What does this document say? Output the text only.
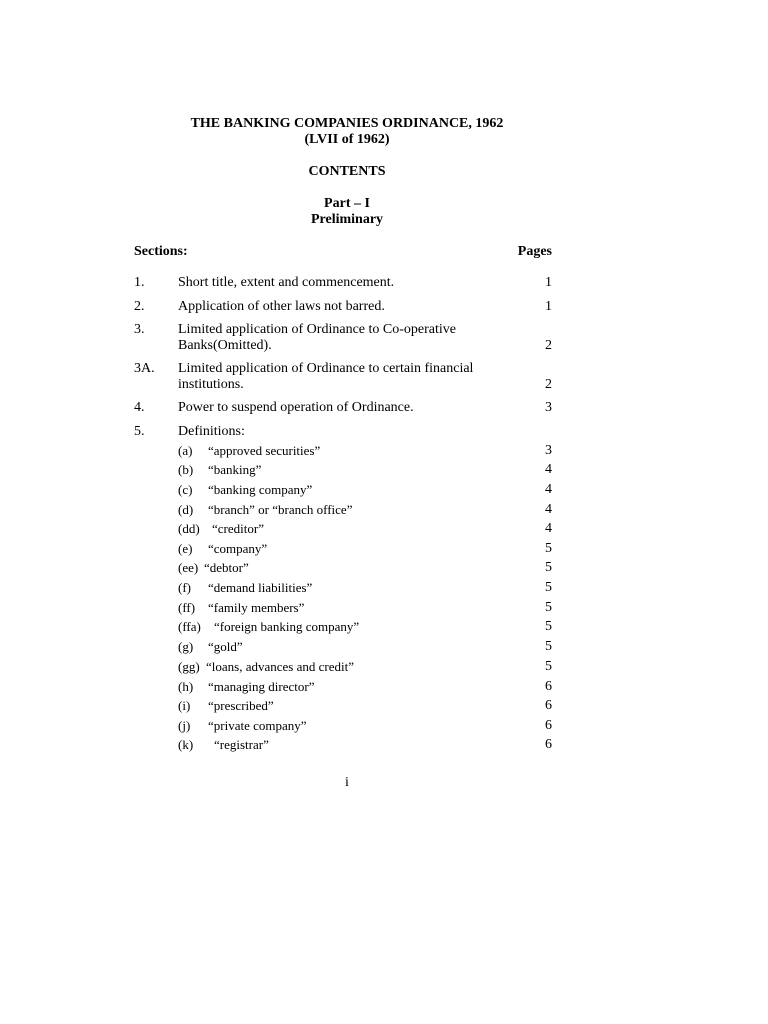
THE BANKING COMPANIES ORDINANCE, 1962
(LVII of 1962)
CONTENTS
Part – I
Preliminary
Sections:	Pages
1. Short title, extent and commencement.	1
2. Application of other laws not barred.	1
3. Limited application of Ordinance to Co-operative
Banks(Omitted).	2
3A. Limited application of Ordinance to certain financial
institutions.	2
4. Power to suspend operation of Ordinance.	3
5. Definitions:
(a) “approved securities”	3
(b) “banking”	4
(c) “banking company”	4
(d) “branch” or “branch office”	4
(dd) “creditor”	4
(e) “company”	5
(ee) “debtor”	5
(f) “demand liabilities”	5
(ff) “family members”	5
(ffa) “foreign banking company”	5
(g) “gold”	5
(gg) “loans, advances and credit”	5
(h) “managing director”	6
(i) “prescribed”	6
(j) “private company”	6
(k) “registrar”	6
i
